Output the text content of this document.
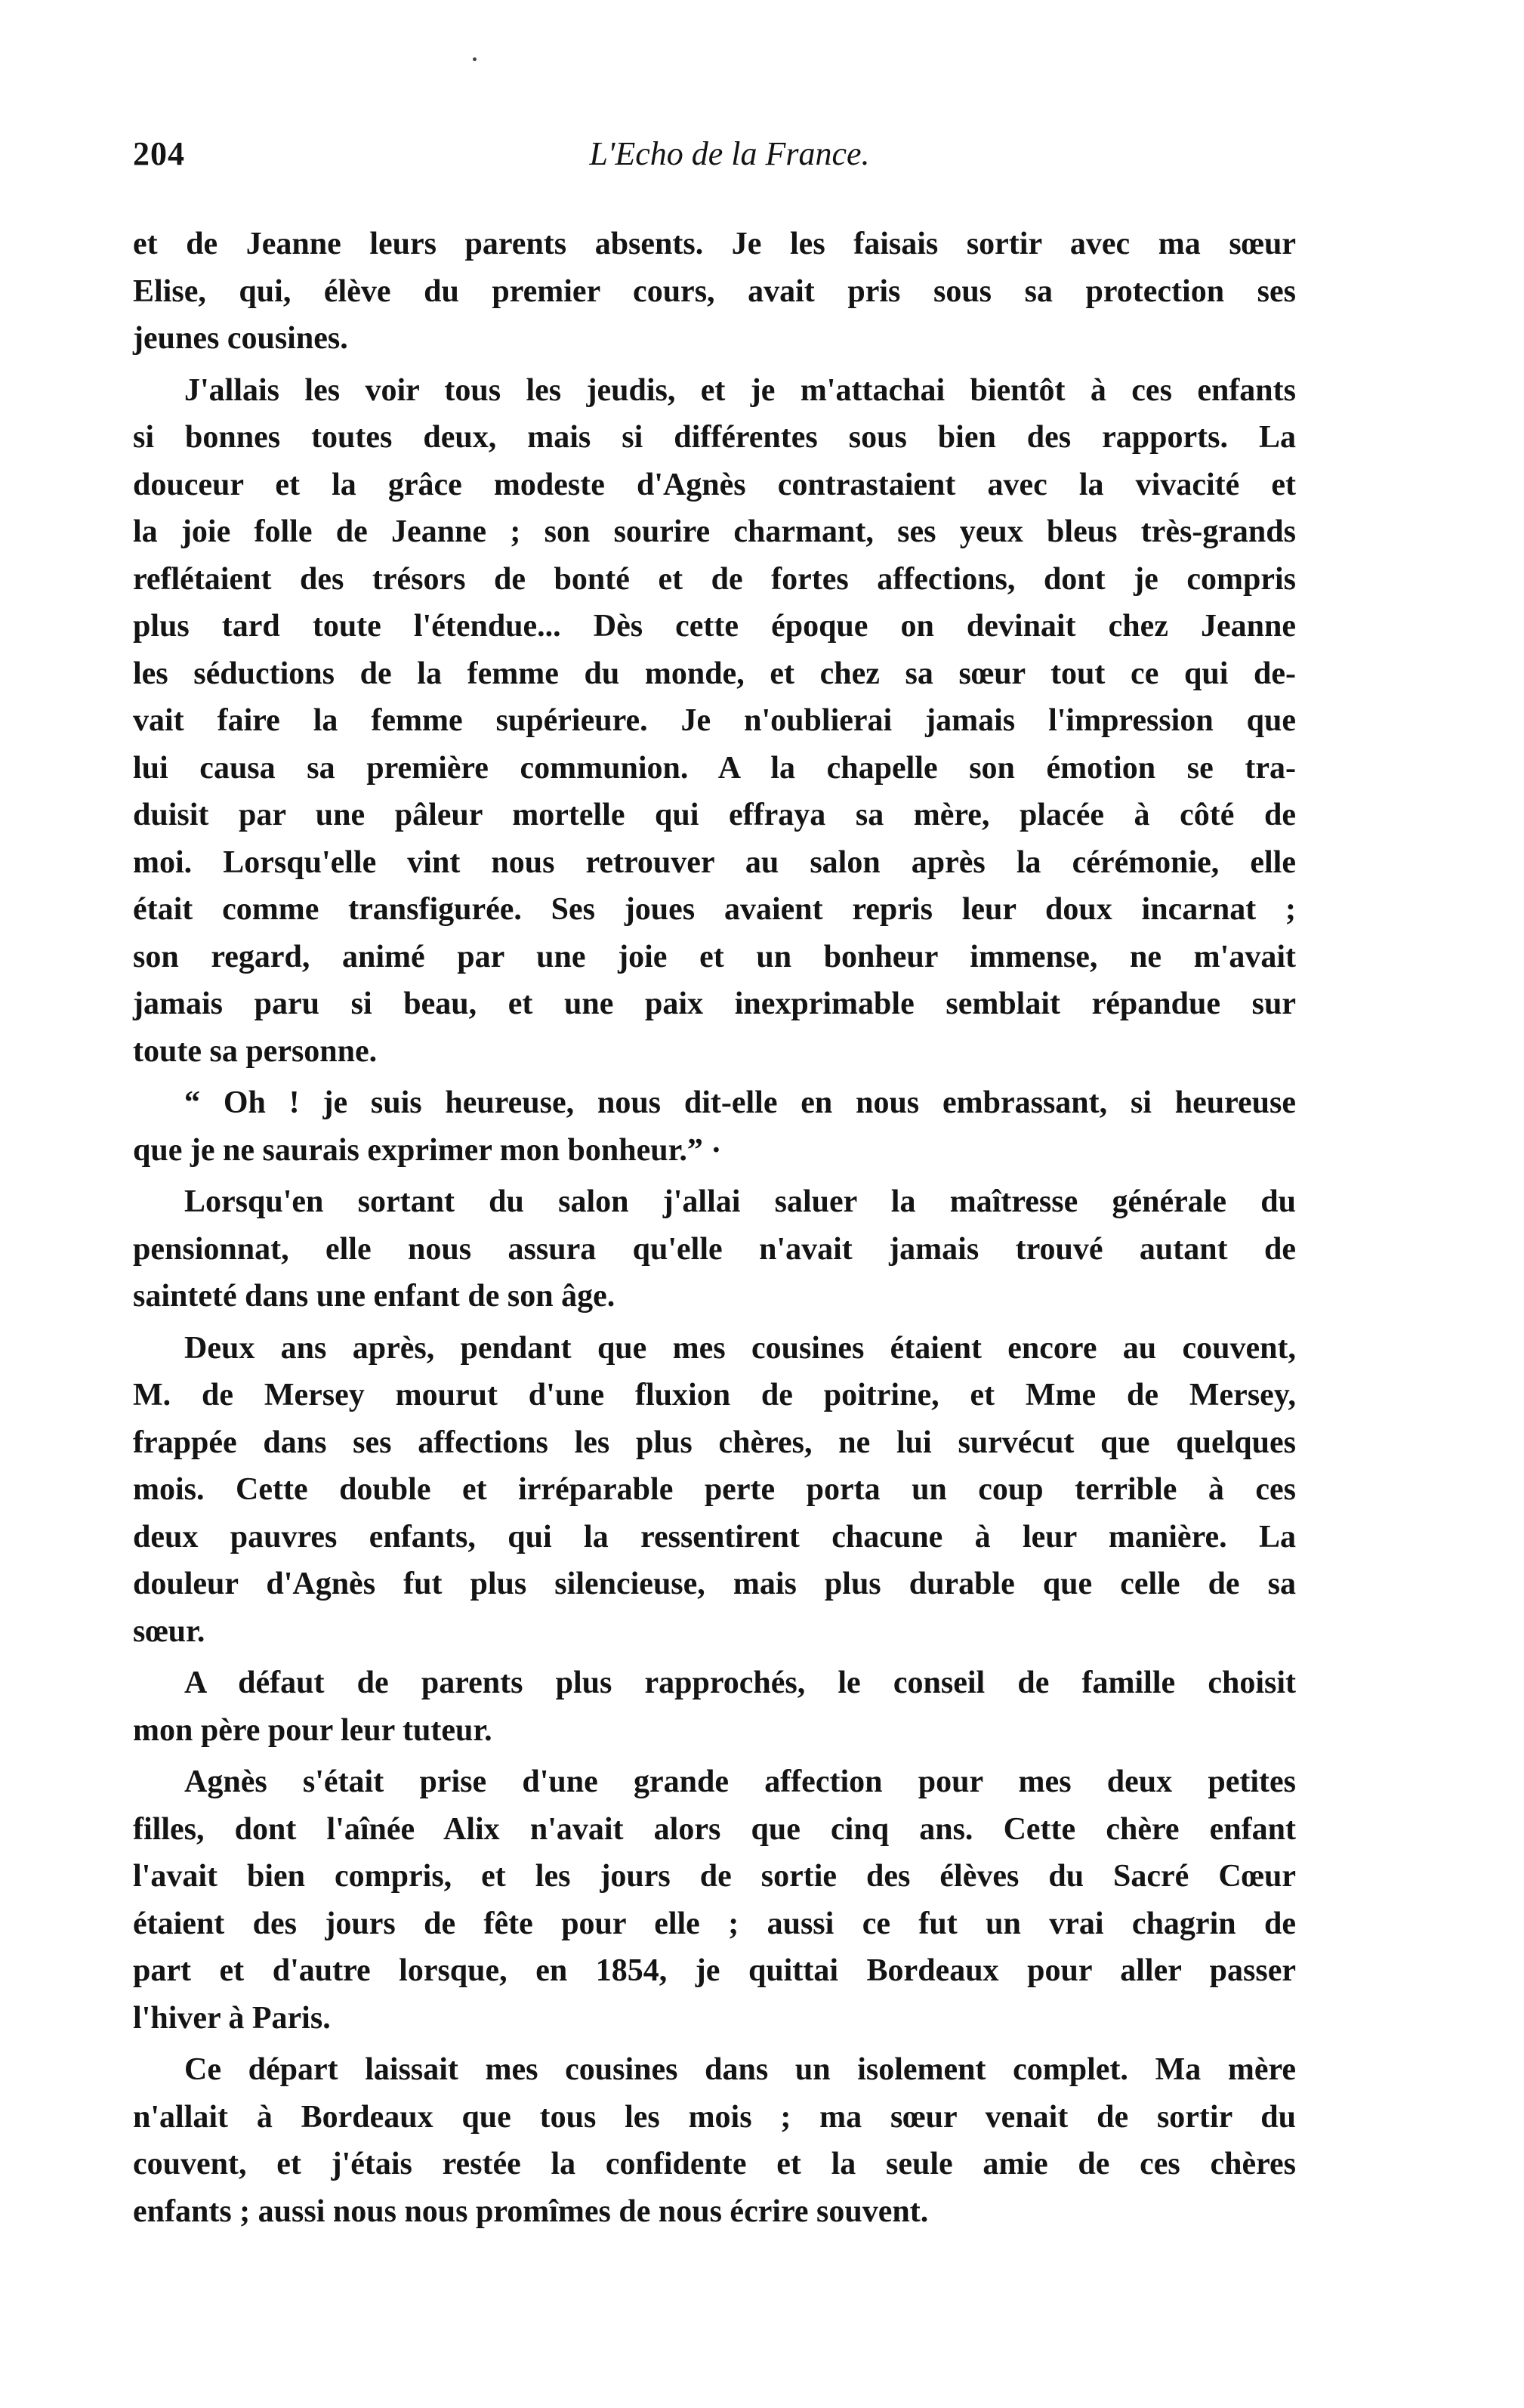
204	L'Echo de la France.
et de Jeanne leurs parents absents. Je les faisais sortir avec ma sœur
Elise, qui, élève du premier cours, avait pris sous sa protection ses
jeunes cousines.
J'allais les voir tous les jeudis, et je m'attachai bientôt à ces enfants
si bonnes toutes deux, mais si différentes sous bien des rapports. La
douceur et la grâce modeste d'Agnès contrastaient avec la vivacité et
la joie folle de Jeanne ; son sourire charmant, ses yeux bleus très-grands
reflétaient des trésors de bonté et de fortes affections, dont je compris
plus tard toute l'étendue... Dès cette époque on devinait chez Jeanne
les séductions de la femme du monde, et chez sa sœur tout ce qui de-
vait faire la femme supérieure. Je n'oublierai jamais l'impression que
lui causa sa première communion. A la chapelle son émotion se tra-
duisit par une pâleur mortelle qui effraya sa mère, placée à côté de
moi. Lorsqu'elle vint nous retrouver au salon après la cérémonie, elle
était comme transfigurée. Ses joues avaient repris leur doux incarnat ;
son regard, animé par une joie et un bonheur immense, ne m'avait
jamais paru si beau, et une paix inexprimable semblait répandue sur
toute sa personne.
“ Oh ! je suis heureuse, nous dit-elle en nous embrassant, si heureuse
que je ne saurais exprimer mon bonheur.” ·
Lorsqu'en sortant du salon j'allai saluer la maîtresse générale du
pensionnat, elle nous assura qu'elle n'avait jamais trouvé autant de
sainteté dans une enfant de son âge.
Deux ans après, pendant que mes cousines étaient encore au couvent,
M. de Mersey mourut d'une fluxion de poitrine, et Mme de Mersey,
frappée dans ses affections les plus chères, ne lui survécut que quelques
mois. Cette double et irréparable perte porta un coup terrible à ces
deux pauvres enfants, qui la ressentirent chacune à leur manière. La
douleur d'Agnès fut plus silencieuse, mais plus durable que celle de sa
sœur.
A défaut de parents plus rapprochés, le conseil de famille choisit
mon père pour leur tuteur.
Agnès s'était prise d'une grande affection pour mes deux petites
filles, dont l'aînée Alix n'avait alors que cinq ans. Cette chère enfant
l'avait bien compris, et les jours de sortie des élèves du Sacré Cœur
étaient des jours de fête pour elle ; aussi ce fut un vrai chagrin de
part et d'autre lorsque, en 1854, je quittai Bordeaux pour aller passer
l'hiver à Paris.
Ce départ laissait mes cousines dans un isolement complet. Ma mère
n'allait à Bordeaux que tous les mois ; ma sœur venait de sortir du
couvent, et j'étais restée la confidente et la seule amie de ces chères
enfants ; aussi nous nous promîmes de nous écrire souvent.
